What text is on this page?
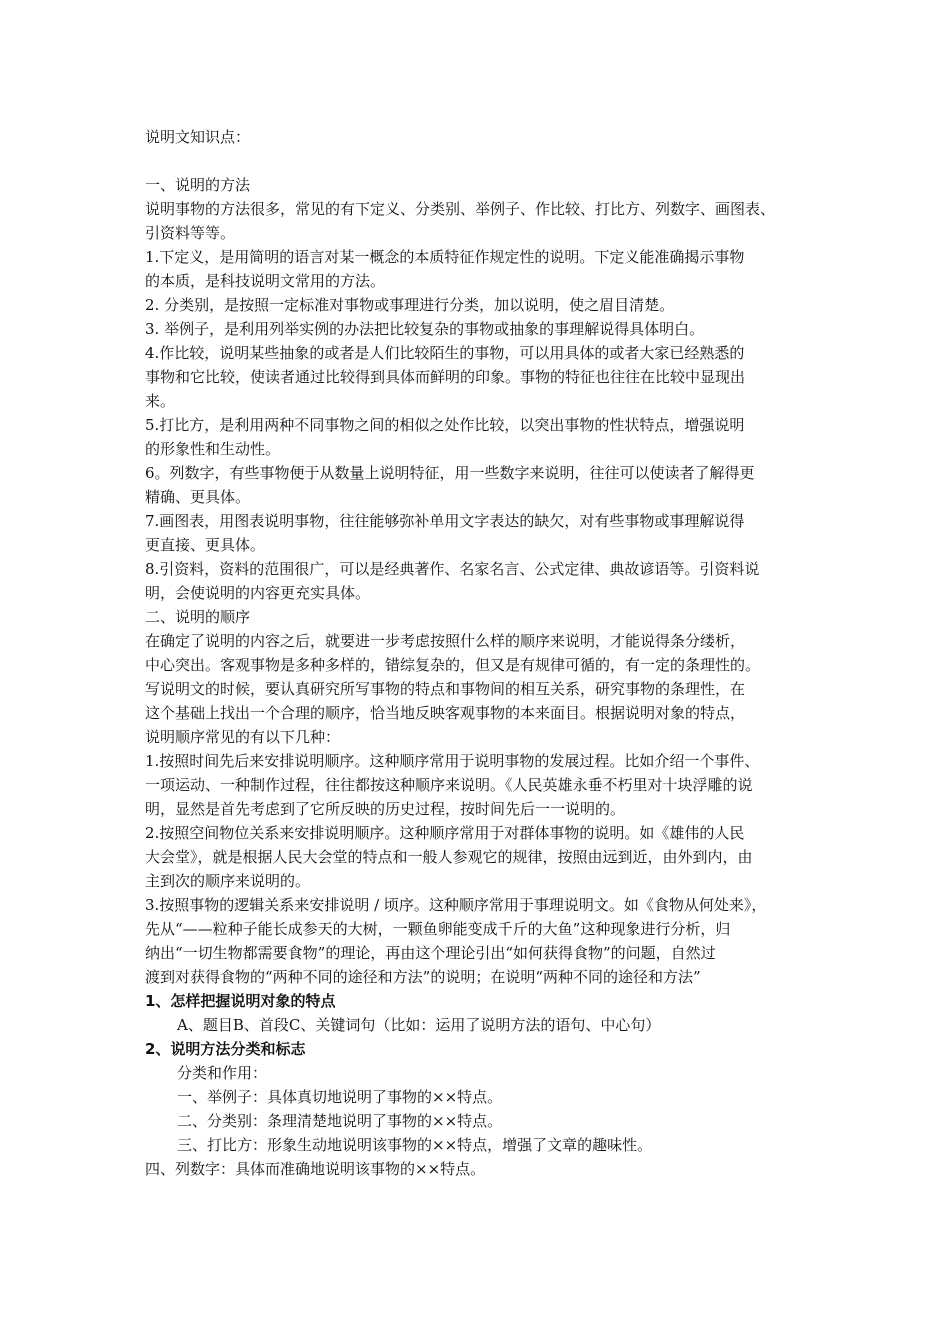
说明文知识点：
一、说明的方法
说明事物的方法很多，常见的有下定义、分类别、举例子、作比较、打比方、列数字、画图表、
引资料等等。
1.下定义，是用简明的语言对某一概念的本质特征作规定性的说明。下定义能准确揭示事物
的本质，是科技说明文常用的方法。
2. 分类别，是按照一定标准对事物或事理进行分类，加以说明，使之眉目清楚。
3. 举例子，是利用列举实例的办法把比较复杂的事物或抽象的事理解说得具体明白。
4.作比较，说明某些抽象的或者是人们比较陌生的事物，可以用具体的或者大家已经熟悉的
事物和它比较，使读者通过比较得到具体而鲜明的印象。事物的特征也往往在比较中显现出
来。
5.打比方，是利用两种不同事物之间的相似之处作比较，以突出事物的性状特点，增强说明
的形象性和生动性。
6。列数字，有些事物便于从数量上说明特征，用一些数字来说明，往往可以使读者了解得更
精确、更具体。
7.画图表，用图表说明事物，往往能够弥补单用文字表达的缺欠，对有些事物或事理解说得
更直接、更具体。
8.引资料，资料的范围很广，可以是经典著作、名家名言、公式定律、典故谚语等。引资料说
明，会使说明的内容更充实具体。
二、说明的顺序
在确定了说明的内容之后，就要进一步考虑按照什么样的顺序来说明，才能说得条分缕析，
中心突出。客观事物是多种多样的，错综复杂的，但又是有规律可循的，有一定的条理性的。
写说明文的时候，要认真研究所写事物的特点和事物间的相互关系，研究事物的条理性，在
这个基础上找出一个合理的顺序，恰当地反映客观事物的本来面目。根据说明对象的特点，
说明顺序常见的有以下几种：
1.按照时间先后来安排说明顺序。这种顺序常用于说明事物的发展过程。比如介绍一个事件、
一项运动、一种制作过程，往往都按这种顺序来说明。《人民英雄永垂不朽里对十块浮雕的说
明，显然是首先考虑到了它所反映的历史过程，按时间先后一一说明的。
2.按照空间物位关系来安排说明顺序。这种顺序常用于对群体事物的说明。如《雄伟的人民
大会堂》，就是根据人民大会堂的特点和一般人参观它的规律，按照由远到近，由外到内，由
主到次的顺序来说明的。
3.按照事物的逻辑关系来安排说明 / 顷序。这种顺序常用于事理说明文。如《食物从何处来》，
先从“——粒种子能长成参天的大树，一颗鱼卵能变成千斤的大鱼”这种现象进行分析，归
纳出“一切生物都需要食物”的理论，再由这个理论引出“如何获得食物”的问题，自然过
渡到对获得食物的“两种不同的途径和方法”的说明；在说明“两种不同的途径和方法”
1、怎样把握说明对象的特点
A、题目B、首段C、关键词句（比如：运用了说明方法的语句、中心句）
2、说明方法分类和标志
分类和作用：
一、举例子：具体真切地说明了事物的××特点。
二、分类别：条理清楚地说明了事物的××特点。
三、打比方：形象生动地说明该事物的××特点，增强了文章的趣味性。
四、列数字：具体而准确地说明该事物的××特点。
